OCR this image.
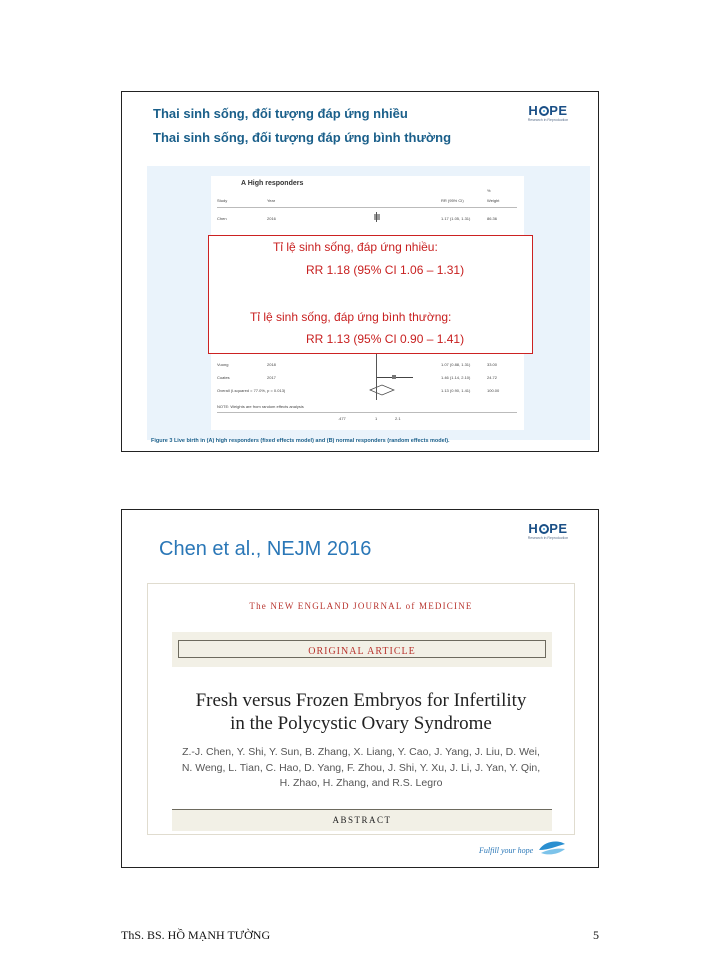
H PE
Research in Reproduction
Thai sinh sống, đối tượng đáp ứng nhiều
Thai sinh sống, đối tượng đáp ứng bình thường
A High responders
Study	Year	RR (95% CI)
%
Weight
Chen	2016	1.17 (1.05, 1.31)	86.36
Vuong	2018	1.07 (0.88, 1.31)	33.00
Coates	2017	1.46 (1.14, 2.10)	24.72
Overall (I-squared = 77.0%, p = 0.013)	1.13 (0.90, 1.41)	100.00
NOTE: Weights are from random effects analysis
.477	1	2.1
Figure 3 Live birth in (A) high responders (fixed effects model) and (B) normal responders (random effects model).
Tỉ lệ sinh sống, đáp ứng nhiều:
RR 1.18 (95% CI 1.06 – 1.31)
Tỉ lệ sinh sống, đáp ứng bình thường:
RR 1.13 (95% CI 0.90 – 1.41)
H PE
Research in Reproduction
Chen et al., NEJM 2016
The NEW ENGLAND JOURNAL of MEDICINE
ORIGINAL ARTICLE
Fresh versus Frozen Embryos for Infertility
in the Polycystic Ovary Syndrome
Z.-J. Chen, Y. Shi, Y. Sun, B. Zhang, X. Liang, Y. Cao, J. Yang, J. Liu, D. Wei,
N. Weng, L. Tian, C. Hao, D. Yang, F. Zhou, J. Shi, Y. Xu, J. Li, J. Yan, Y. Qin,
H. Zhao, H. Zhang, and R.S. Legro
ABSTRACT
Fulfill your hope
ThS. BS. HỒ MẠNH TƯỜNG	5
